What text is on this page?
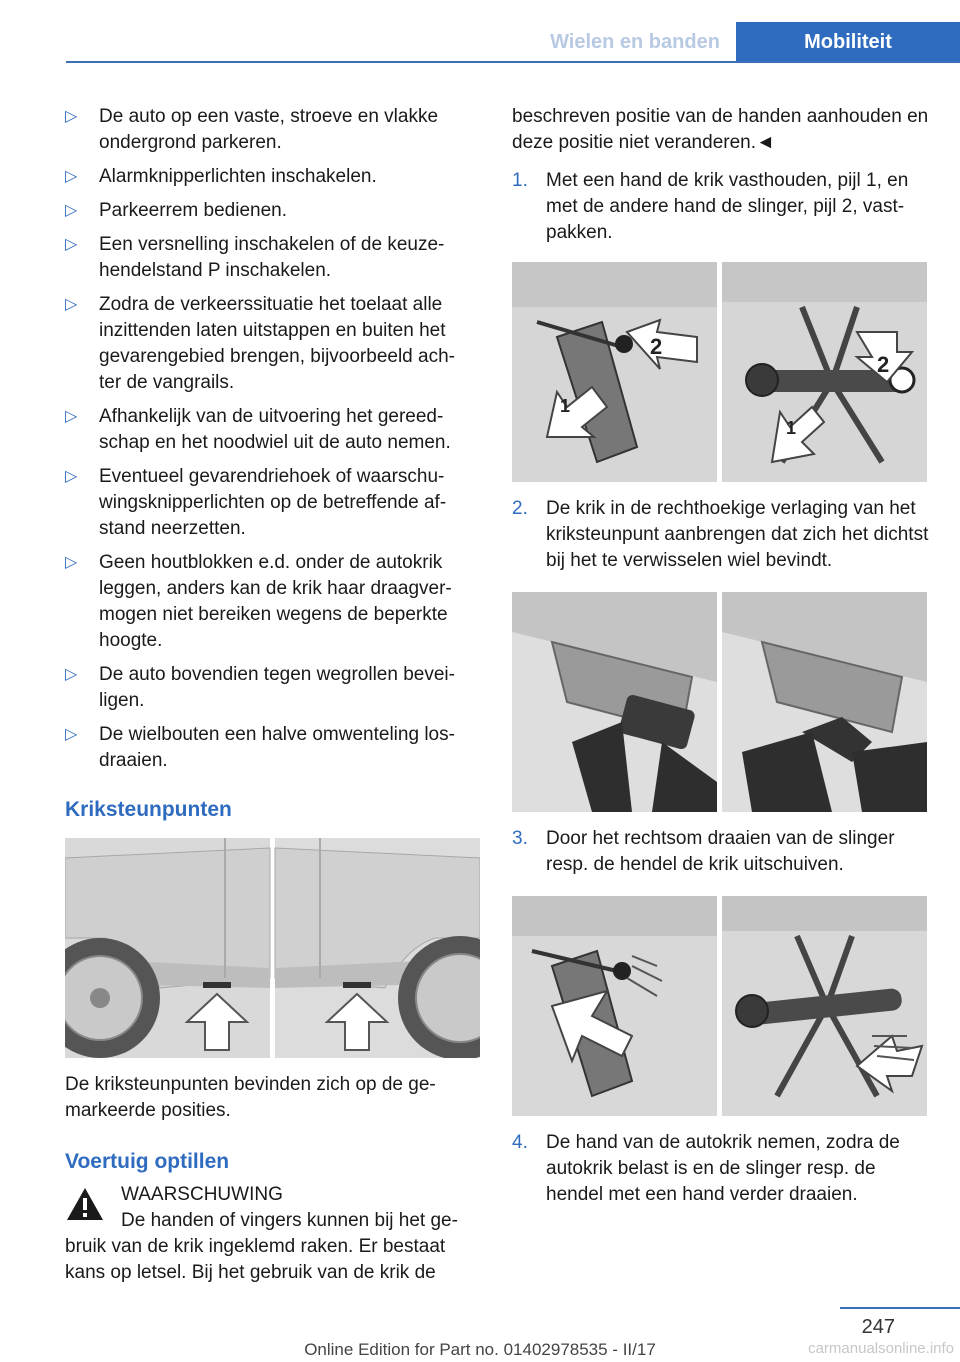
Wielen en banden	Mobiliteit
▷ De auto op een vaste, stroeve en vlakke ondergrond parkeren.
▷ Alarmknipperlichten inschakelen.
▷ Parkeerrem bedienen.
▷ Een versnelling inschakelen of de keuze-hendelstand P inschakelen.
▷ Zodra de verkeerssituatie het toelaat alle inzittenden laten uitstappen en buiten het gevarengebied brengen, bijvoorbeeld ach-ter de vangrails.
▷ Afhankelijk van de uitvoering het gereed-schap en het noodwiel uit de auto nemen.
▷ Eventueel gevarendriehoek of waarschu-wingsknipperlichten op de betreffende af-stand neerzetten.
▷ Geen houtblokken e.d. onder de autokrik leggen, anders kan de krik haar draagver-mogen niet bereiken wegens de beperkte hoogte.
▷ De auto bovendien tegen wegrollen bevei-ligen.
▷ De wielbouten een halve omwenteling los-draaien.
Kriksteunpunten

De kriksteunpunten bevinden zich op de ge-markeerde posities.

Voertuig optillen
WAARSCHUWING

De handen of vingers kunnen bij het ge-bruik van de krik ingeklemd raken. Er bestaat kans op letsel. Bij het gebruik van de krik de

beschreven positie van de handen aanhouden en deze positie niet veranderen.◄

1. Met een hand de krik vasthouden, pijl 1, en met de andere hand de slinger, pijl 2, vast-pakken.
2
1
2
1
2. De krik in de rechthoekige verlaging van het kriksteunpunt aanbrengen dat zich het dichtst bij het te verwisselen wiel bevindt.
3. Door het rechtsom draaien van de slinger resp. de hendel de krik uitschuiven.
4. De hand van de autokrik nemen, zodra de autokrik belast is en de slinger resp. de hendel met een hand verder draaien.
247
Online Edition for Part no. 01402978535 - II/17	carmanualsonline.info
